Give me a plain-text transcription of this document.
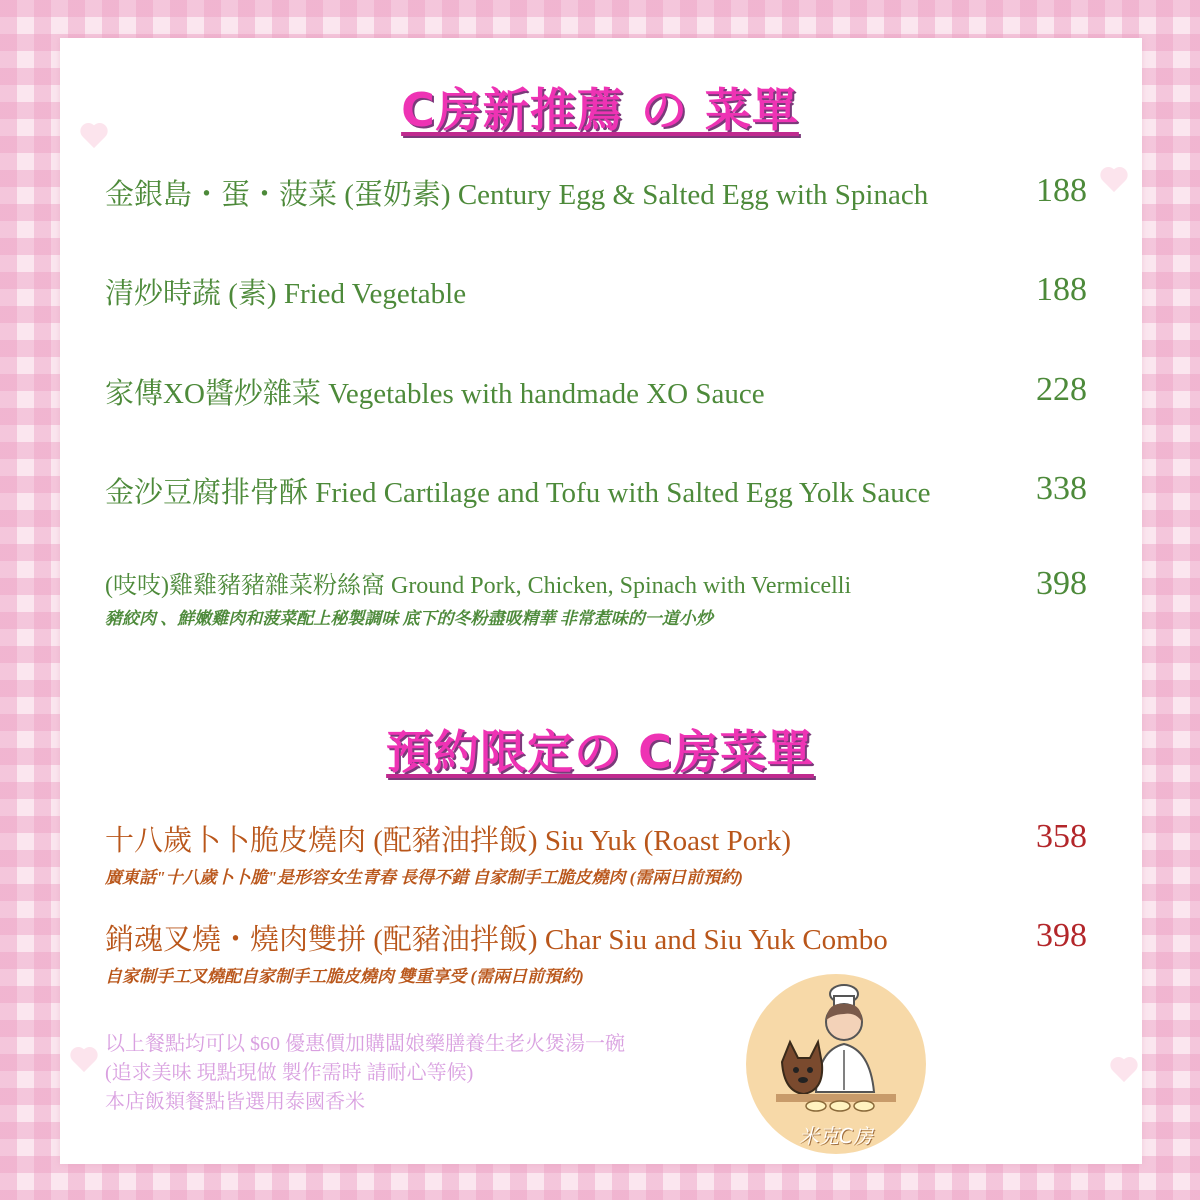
C房新推薦 の 菜單
金銀島・蛋・菠菜 (蛋奶素) Century Egg & Salted Egg with Spinach	188
清炒時蔬 (素) Fried Vegetable	188
家傳XO醬炒雜菜 Vegetables with handmade XO Sauce	228
金沙豆腐排骨酥 Fried Cartilage and Tofu with Salted Egg Yolk Sauce	338
(吱吱)雞雞豬豬雜菜粉絲窩 Ground Pork, Chicken, Spinach with Vermicelli	398
豬絞肉 、鮮嫩雞肉和菠菜配上秘製調味 底下的冬粉盡吸精華 非常惹味的一道小炒
預約限定の C房菜單
十八歲卜卜脆皮燒肉 (配豬油拌飯) Siu Yuk (Roast Pork)	358
廣東話"十八歲卜卜脆"是形容女生青春 長得不錯 自家制手工脆皮燒肉 (需兩日前預約)
銷魂叉燒・燒肉雙拼 (配豬油拌飯) Char Siu and Siu Yuk Combo	398
自家制手工叉燒配自家制手工脆皮燒肉 雙重享受 (需兩日前預約)
以上餐點均可以 $60 優惠價加購闆娘藥膳養生老火煲湯一碗
(追求美味 現點現做 製作需時 請耐心等候)
本店飯類餐點皆選用泰國香米
米克C房
